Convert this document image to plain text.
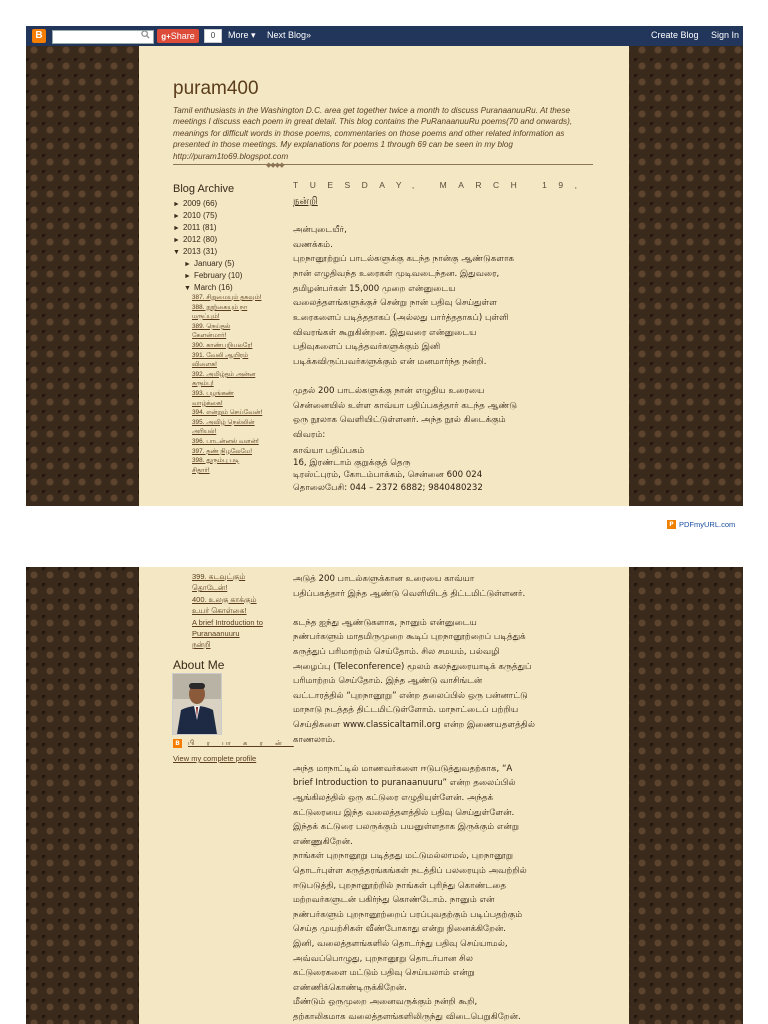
B	g+Share	0	More ▾ Next Blog»	Create Blog Sign In
puram400
Tamil enthusiasts in the Washington D.C. area get together twice a month to discuss PuranaanuuRu. At these meetings I discuss each poem in great detail. This blog contains the PuRanaanuuRu poems(70 and onwards), meanings for difficult words in those poems, commentaries on those poems and other related information as presented in those meetings. My explanations for poems 1 through 69 can be seen in my blog http://puram1to69.blogspot.com
◆◆◆◆
Blog Archive
► 2009 (66)
► 2010 (75)
► 2011 (81)
► 2012 (80)
▼ 2013 (31)
► January (5)
► February (10)
▼ March (16)
387. சிறுமையும் தகவும்!
388. நூற்கையும் நா
மருப்பும்!
389. நெய்தல்
கேளன்மார்!
390. காண்பறியலரே!
391. வேலி ஆயிரம்
விளைக!
392. அமிழ்தம் அன்ன
கரும்பு!
393. பழங்கண்
வாழ்க்கை!
394. என்றும் செய்வேன்!
395. அவிழ் நெல்லின்
அரியல்!
396. பாடன்னல் வளன்!
397. தண் நிழலேமே!
398. துரும்பு படி
சிதார்!
TUESDAY, MARCH 19,
நன்றி
அன்புடையீர்,
வணக்கம்.
புறநானூற்றுப் பாடல்களுக்கு கடந்த நான்கு ஆண்டுகளாக
நான் எழுதிவந்த உரைகள் முடிவடைந்தன. இதுவரை,
தமிழன்பர்கள் 15,000 முறை என்னுடைய
வலைத்தளங்களுக்குச் சென்று நான் பதிவு செய்துள்ள
உரைகளைப் படித்ததாகப் (அல்லது பார்த்ததாகப்) புள்ளி
விவரங்கள் கூறுகின்றன. இதுவரை என்னுடைய
பதிவுகளைப் படித்தவர்களுக்கும் இனி
படிக்கவிருப்பவர்களுக்கும் என் மனமார்ந்த நன்றி.
முதல் 200 பாடல்களுக்கு நான் எழுதிய உரையை
சென்னையில் உள்ள காவ்யா பதிப்பகத்தார் கடந்த ஆண்டு
ஒரு நூலாக வெளியிட்டுள்ளனர். அந்த நூல் கிடைக்கும்
விவரம்:
காவ்யா பதிப்பகம்
16, இரண்டாம் குறுக்குத் தெரு
டிரஸ்ட்புரம், கோடம்பாக்கம், சென்னை 600 024
தொலைபேசி: 044 – 2372 6882; 9840480232
P PDFmyURL.com
399. கடவுட்கும்
தொடேன்!
400. உலகு காக்கும்
உயர் கொள்கை!
A brief Introduction to
Puranaanuuru
நன்றி
About Me
B	பிரபாகரன்
View my complete profile
அடுத் 200 பாடல்களுக்கான உரையை காவ்யா
பதிப்பகத்தார் இந்த ஆண்டு வெளியிடத் திட்டமிட்டுள்ளனர்.
கடந்த ஐந்து ஆண்டுகளாக, நானும் என்னுடைய
நண்பர்களும் மாதமிருமுறை கூடிப் புறநானூற்றைப் படித்துக்
கருத்துப் பரிமாற்றம் செய்தோம். சில சமயம், பல்வழி
அழைப்பு (Teleconference) மூலம் கலந்துரையாடிக் கருத்துப்
பரிமாற்றம் செய்தோம். இந்த ஆண்டு வாசிங்டன்
வட்டாரத்தில் “புறநானூறு” என்ற தலைப்பில் ஒரு பன்னாட்டு
மாநாடு நடத்தத் திட்டமிட்டுள்ளோம். மாநாட்டைப் பற்றிய
செய்திகளை www.classicaltamil.org என்ற இணையதளத்தில்
காணலாம்.
அந்த மாநாட்டில் மாணவர்களை ஈடுபடுத்துவதற்காக, “A
brief Introduction to puranaanuuru” என்ற தலைப்பில்
ஆங்கிலத்தில் ஒரு கட்டுரை எழுதியுள்ளேன். அந்தக்
கட்டுரையை இந்த வலைத்தளத்தில் பதிவு செய்துள்ளேன்.
இந்தக் கட்டுரை பலருக்கும் பயனுள்ளதாக இருக்கும் என்று
எண்ணுகிறேன்.
நாங்கள் புறநானூறு படித்தது மட்டுமல்லாமல், புறநானூறு
தொடர்புள்ள கருத்தரங்கங்கள் நடத்திப் பலரையும் அவற்றில்
ஈடுபடுத்தி, புறநானூற்றில் நாங்கள் புரிந்து கொண்டதை
மற்றவர்களுடன் பகிர்ந்து கொண்டோம். நானும் என்
நண்பர்களும் புறநானூற்றைப் பரப்புவதற்கும் படிப்பதற்கும்
செய்த முயற்சிகள் வீண்போகாது என்று நினைக்கிறேன்.
இனி, வலைத்தளங்களில் தொடர்ந்து பதிவு செய்யாமல்,
அவ்வப்பொழுது, புறநானூறு தொடர்பான சில
கட்டுரைகளை மட்டும் பதிவு செய்யலாம் என்று
எண்ணிக்கொண்டிருக்கிறேன்.
மீண்டும் ஒருமுறை அனைவருக்கும் நன்றி கூறி,
தற்காலிகமாக வலைத்தளங்களிலிருந்து விடைபெறுகிறேன்.
